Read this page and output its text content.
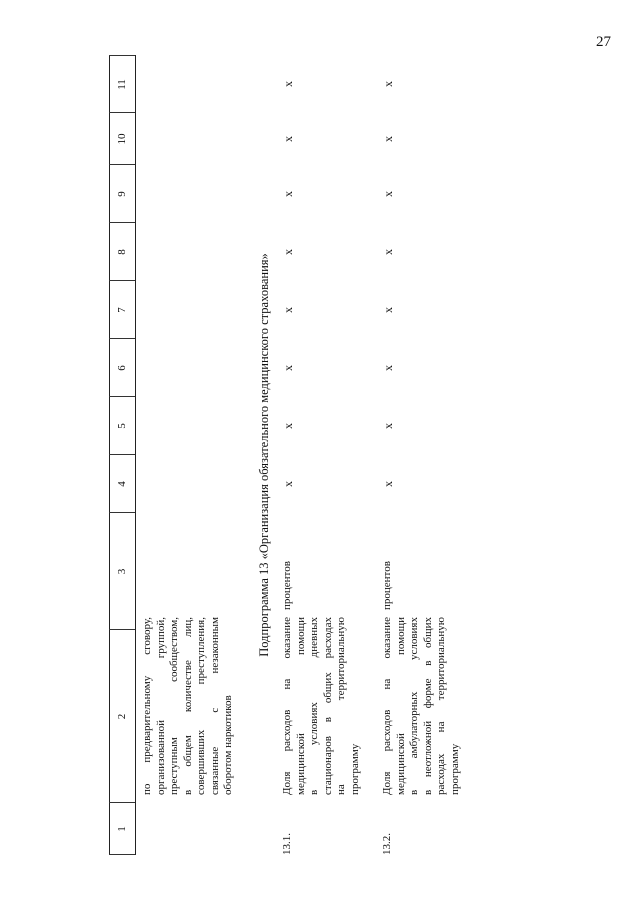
27
1
2
3
4
5
6
7
8
9
10
11
по предварительному сговору, организованной группой, преступным сообществом, в общем количестве лиц, совершивших преступления, связанные с незаконным оборотом наркотиков
Подпрограмма 13 «Организация обязательного медицинского страхования»
13.1.
Доля расходов на оказание медицинской помощи в условиях дневных стационаров в общих расходах на территориальную программу
процентов
x
x
x
x
x
x
x
x
13.2.
Доля расходов на оказание медицинской помощи в амбулаторных условиях в неотложной форме в общих расходах на территориальную программу
процентов
x
x
x
x
x
x
x
x
